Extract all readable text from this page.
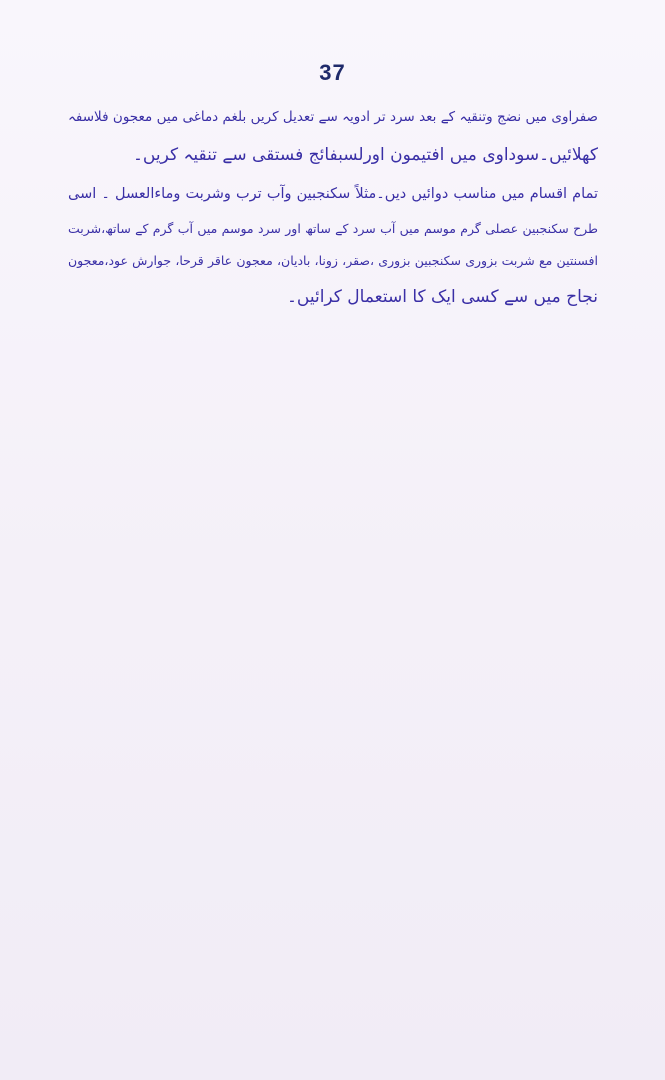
37

صفراوی میں نضج وتنقیہ کے بعد سرد تر ادویہ سے تعدیل کریں بلغم دماغی میں معجون فلاسفہ
کھلائیں۔سوداوی میں افتیمون اورلسبفائج فستقی سے تنقیہ کریں۔

تمام اقسام میں مناسب دوائیں دیں۔مثلاً سکنجبین وآب ترب وشربت وماءالعسل ۔ اسی
طرح سکنجبین عصلی گرم موسم میں آب سرد کے ساتھ اور سرد موسم میں آب گرم کے ساتھ،شربت
افسنتین مع شربت بزوری سکنجبین بزوری ،صقر، زونا، بادیان، معجون عاقر قرحا، جوارش عود،معجون
نجاح میں سے کسی ایک کا استعمال کرائیں۔
